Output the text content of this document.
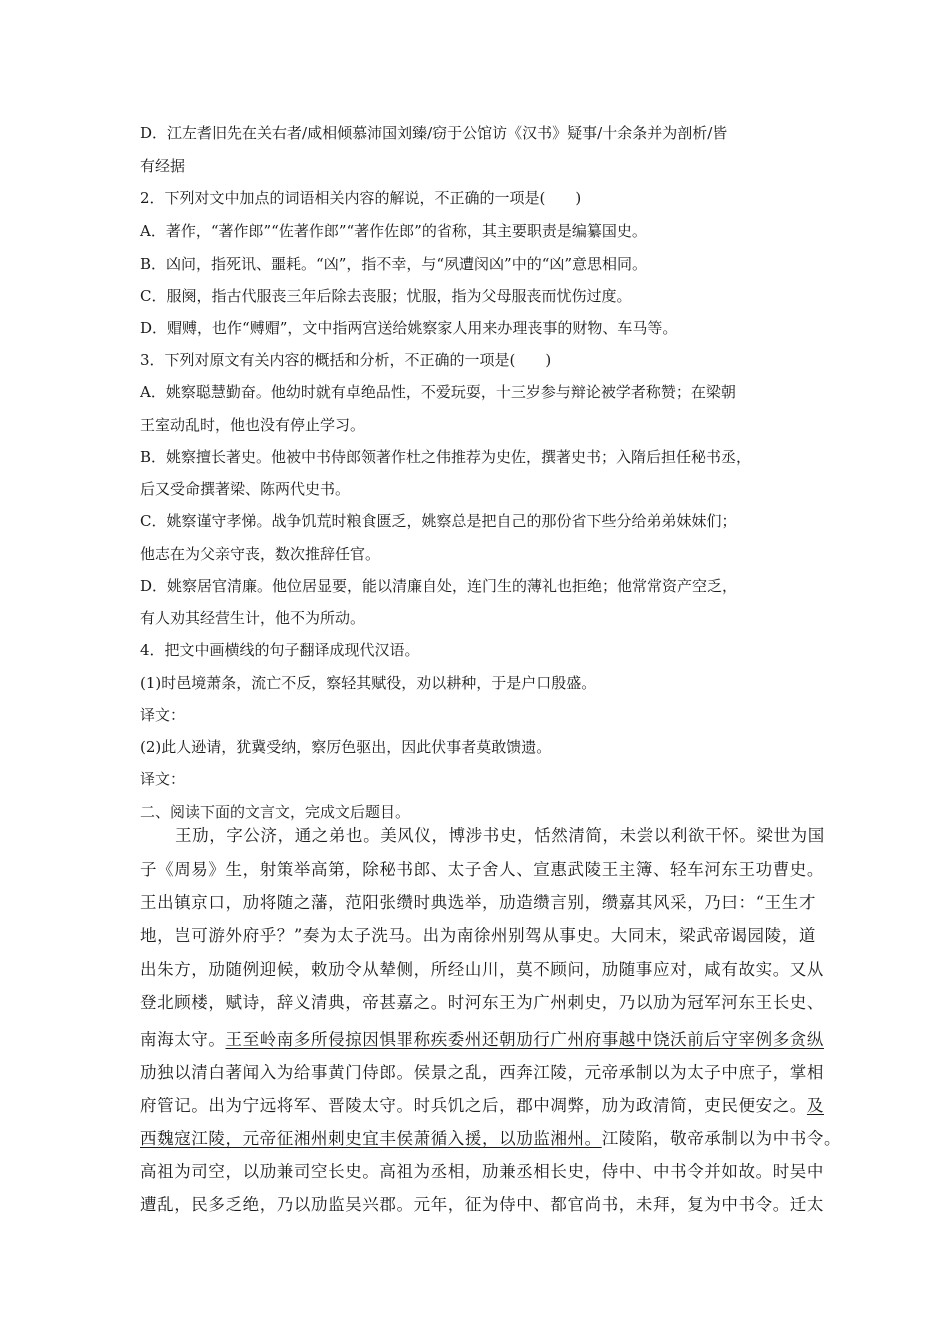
D．江左耆旧先在关右者/咸相倾慕沛国刘臻/窃于公馆访《汉书》疑事/十余条并为剖析/皆
有经据
2．下列对文中加点的词语相关内容的解说，不正确的一项是(　　)
A．著作，“著作郎”“佐著作郎”“著作佐郎”的省称，其主要职责是编纂国史。
B．凶问，指死讯、噩耗。“凶”，指不幸，与“夙遭闵凶”中的“凶”意思相同。
C．服阕，指古代服丧三年后除去丧服；忧服，指为父母服丧而忧伤过度。
D．赗赙，也作“赙赗”，文中指两宫送给姚察家人用来办理丧事的财物、车马等。
3．下列对原文有关内容的概括和分析，不正确的一项是(　　)
A．姚察聪慧勤奋。他幼时就有卓绝品性，不爱玩耍，十三岁参与辩论被学者称赞；在梁朝
王室动乱时，他也没有停止学习。
B．姚察擅长著史。他被中书侍郎领著作杜之伟推荐为史佐，撰著史书；入隋后担任秘书丞，
后又受命撰著梁、陈两代史书。
C．姚察谨守孝悌。战争饥荒时粮食匮乏，姚察总是把自己的那份省下些分给弟弟妹妹们；
他志在为父亲守丧，数次推辞任官。
D．姚察居官清廉。他位居显要，能以清廉自处，连门生的薄礼也拒绝；他常常资产空乏，
有人劝其经营生计，他不为所动。
4．把文中画横线的句子翻译成现代汉语。
(1)时邑境萧条，流亡不反，察轻其赋役，劝以耕种，于是户口殷盛。
译文：
(2)此人逊请，犹冀受纳，察厉色驱出，因此伏事者莫敢馈遗。
译文：
二、阅读下面的文言文，完成文后题目。
王劢，字公济，通之弟也。美风仪，博涉书史，恬然清简，未尝以利欲干怀。梁世为国
子《周易》生，射策举高第，除秘书郎、太子舍人、宣惠武陵王主簿、轻车河东王功曹史。
王出镇京口，劢将随之藩，范阳张缵时典选举，劢造缵言别，缵嘉其风采，乃曰：“王生才
地，岂可游外府乎？”奏为太子洗马。出为南徐州别驾从事史。大同末，梁武帝谒园陵，道
出朱方，劢随例迎候，敕劢令从辇侧，所经山川，莫不顾问，劢随事应对，咸有故实。又从
登北顾楼，赋诗，辞义清典，帝甚嘉之。时河东王为广州刺史，乃以劢为冠军河东王长史、
南海太守。王至岭南多所侵掠因惧罪称疾委州还朝劢行广州府事越中饶沃前后守宰例多贪纵
劢独以清白著闻入为给事黄门侍郎。侯景之乱，西奔江陵，元帝承制以为太子中庶子，掌相
府管记。出为宁远将军、晋陵太守。时兵饥之后，郡中凋弊，劢为政清简，吏民便安之。及
西魏寇江陵，元帝征湘州刺史宜丰侯萧循入援，以劢监湘州。江陵陷，敬帝承制以为中书令。
高祖为司空，以劢兼司空长史。高祖为丞相，劢兼丞相长史，侍中、中书令并如故。时吴中
遭乱，民多乏绝，乃以劢监吴兴郡。元年，征为侍中、都官尚书，未拜，复为中书令。迁太
